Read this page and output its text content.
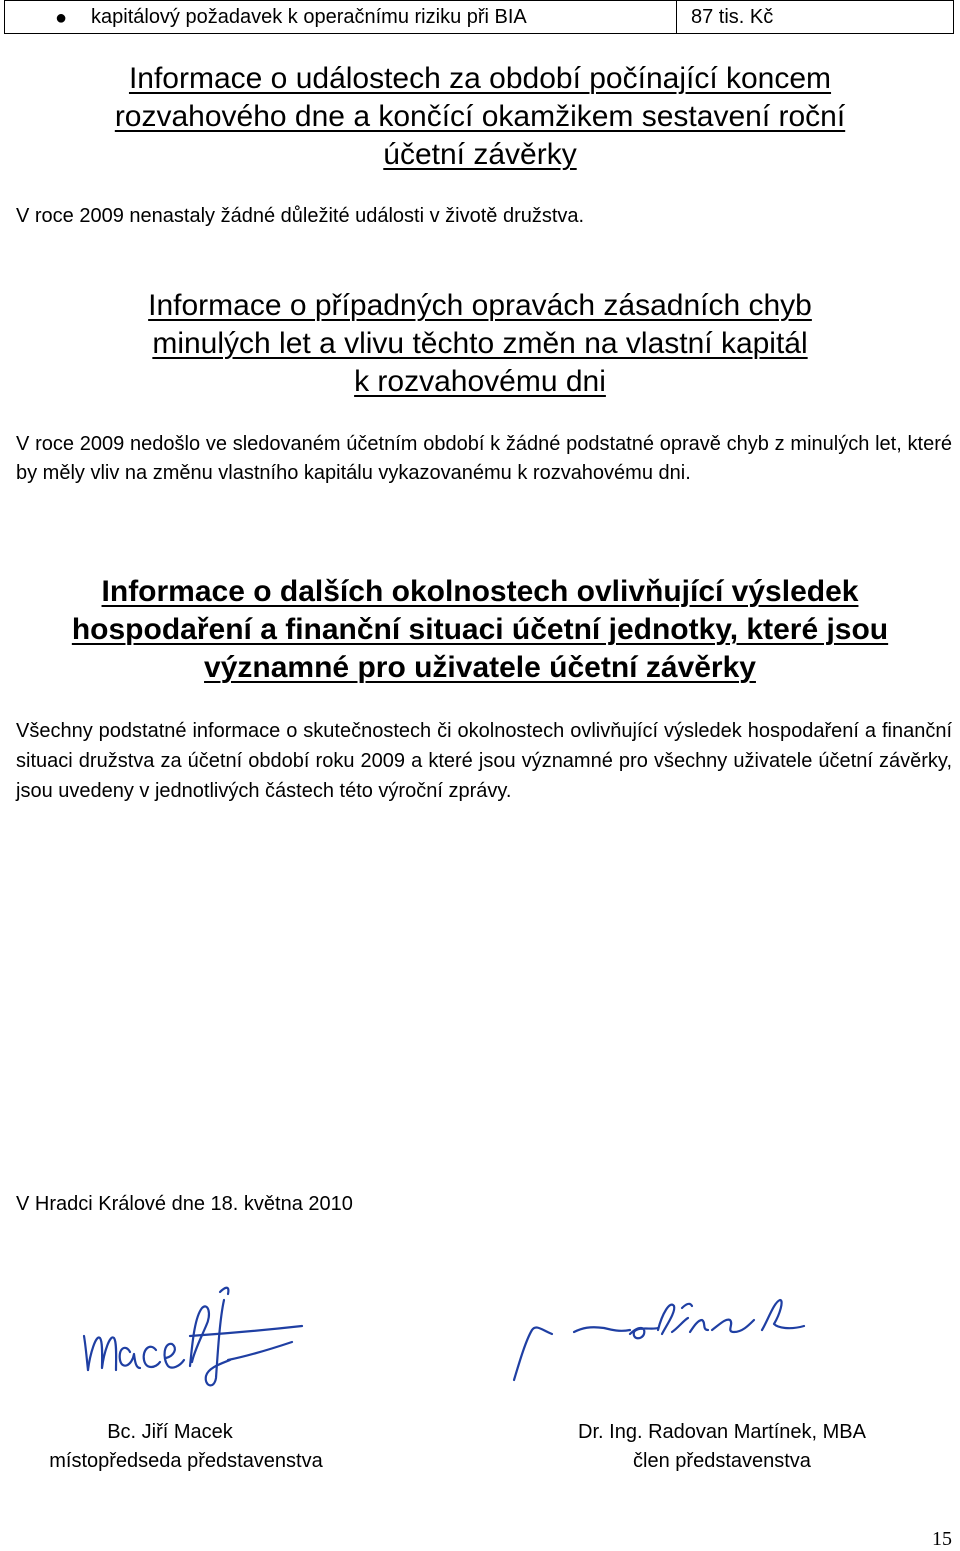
● kapitálový požadavek k operačnímu riziku při BIA	87 tis. Kč
Informace o událostech za období počínající koncem
rozvahového dne a končící okamžikem sestavení roční
účetní závěrky
V roce 2009 nenastaly žádné důležité události v životě družstva.
Informace o případných opravách zásadních chyb
minulých let a vlivu těchto změn na vlastní kapitál
k rozvahovému dni
V roce 2009 nedošlo ve sledovaném účetním období k žádné podstatné opravě chyb z minulých let, které by měly vliv na změnu vlastního kapitálu vykazovanému k rozvahovému dni.
Informace o dalších okolnostech ovlivňující výsledek
hospodaření a finanční situaci účetní jednotky, které jsou
významné pro uživatele účetní závěrky
Všechny podstatné informace o skutečnostech či okolnostech ovlivňující výsledek hospodaření a finanční situaci družstva za účetní období roku 2009 a které jsou významné pro všechny uživatele účetní závěrky, jsou uvedeny v jednotlivých částech této výroční zprávy.
V Hradci Králové dne 18. května 2010
Bc. Jiří Macek
místopředseda představenstva
Dr. Ing. Radovan Martínek, MBA
člen představenstva
15
